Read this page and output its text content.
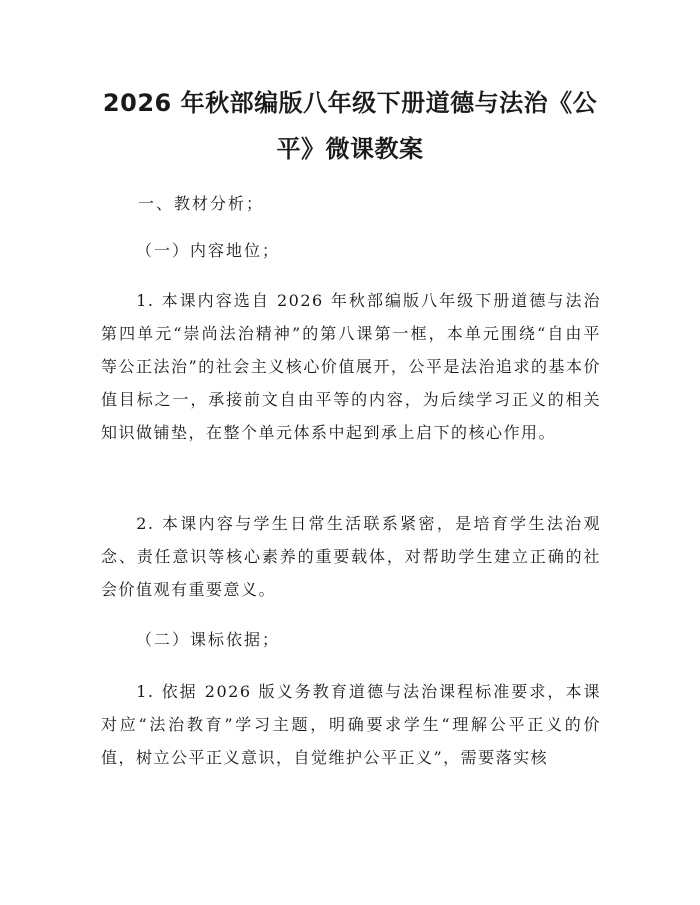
2026 年秋部编版八年级下册道德与法治《公
平》微课教案

一、教材分析；

（一）内容地位；

1. 本课内容选自 2026 年秋部编版八年级下册道德与法治第四单元“崇尚法治精神”的第八课第一框，本单元围绕“自由平等公正法治”的社会主义核心价值展开，公平是法治追求的基本价值目标之一，承接前文自由平等的内容，为后续学习正义的相关知识做铺垫，在整个单元体系中起到承上启下的核心作用。

2. 本课内容与学生日常生活联系紧密，是培育学生法治观念、责任意识等核心素养的重要载体，对帮助学生建立正确的社会价值观有重要意义。

（二）课标依据；

1. 依据 2026 版义务教育道德与法治课程标准要求，本课对应“法治教育”学习主题，明确要求学生“理解公平正义的价值，树立公平正义意识，自觉维护公平正义”，需要落实核
